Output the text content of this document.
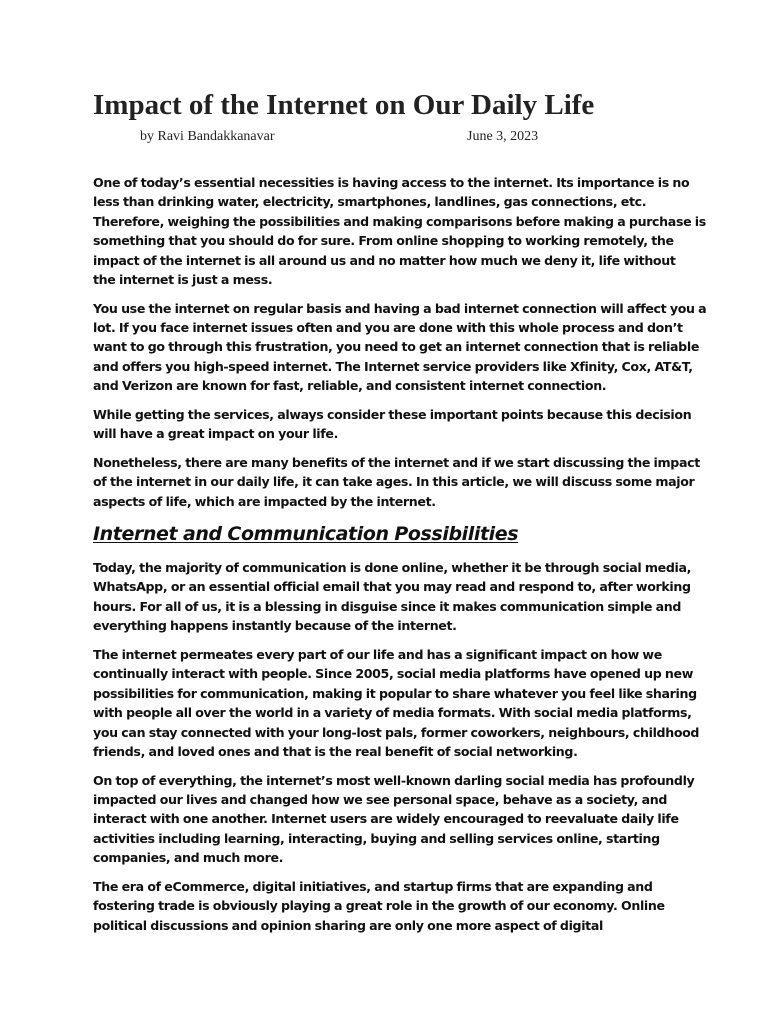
Impact of the Internet on Our Daily Life
by Ravi Bandakkanavar	June 3, 2023

One of today’s essential necessities is having access to the internet. Its importance is no
less than drinking water, electricity, smartphones, landlines, gas connections, etc.
Therefore, weighing the possibilities and making comparisons before making a purchase is
something that you should do for sure. From online shopping to working remotely, the
impact of the internet is all around us and no matter how much we deny it, life without
the internet is just a mess.

You use the internet on regular basis and having a bad internet connection will affect you a
lot. If you face internet issues often and you are done with this whole process and don’t
want to go through this frustration, you need to get an internet connection that is reliable
and offers you high-speed internet. The Internet service providers like Xfinity, Cox, AT&T,
and Verizon are known for fast, reliable, and consistent internet connection.

While getting the services, always consider these important points because this decision
will have a great impact on your life.

Nonetheless, there are many benefits of the internet and if we start discussing the impact
of the internet in our daily life, it can take ages. In this article, we will discuss some major
aspects of life, which are impacted by the internet.

Internet and Communication Possibilities

Today, the majority of communication is done online, whether it be through social media,
WhatsApp, or an essential official email that you may read and respond to, after working
hours. For all of us, it is a blessing in disguise since it makes communication simple and
everything happens instantly because of the internet.

The internet permeates every part of our life and has a significant impact on how we
continually interact with people. Since 2005, social media platforms have opened up new
possibilities for communication, making it popular to share whatever you feel like sharing
with people all over the world in a variety of media formats. With social media platforms,
you can stay connected with your long-lost pals, former coworkers, neighbours, childhood
friends, and loved ones and that is the real benefit of social networking.

On top of everything, the internet’s most well-known darling social media has profoundly
impacted our lives and changed how we see personal space, behave as a society, and
interact with one another. Internet users are widely encouraged to reevaluate daily life
activities including learning, interacting, buying and selling services online, starting
companies, and much more.

The era of eCommerce, digital initiatives, and startup firms that are expanding and
fostering trade is obviously playing a great role in the growth of our economy. Online
political discussions and opinion sharing are only one more aspect of digital
